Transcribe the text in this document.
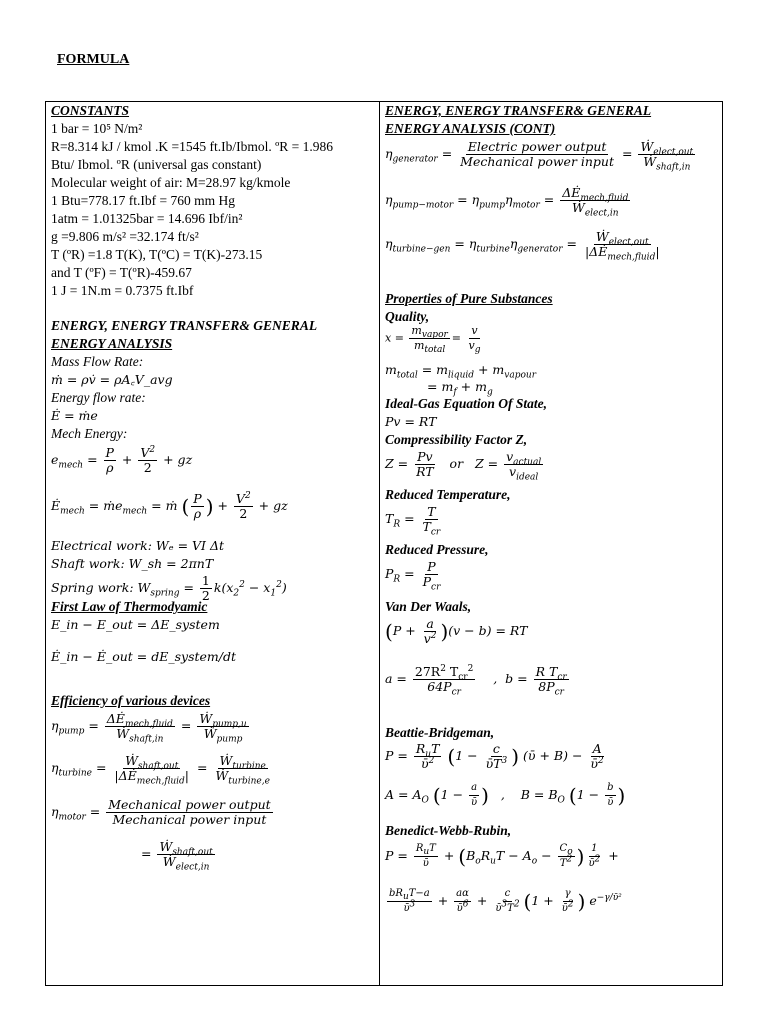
FORMULA
CONSTANTS
1 bar = 10⁵ N/m²
R=8.314 kJ / kmol .K =1545 ft.Ib/Ibmol. ºR = 1.986
Btu/ Ibmol. ºR (universal gas constant)
Molecular weight of air: M=28.97 kg/kmole
1 Btu=778.17 ft.Ibf = 760 mm Hg
1atm = 1.01325bar = 14.696 Ibf/in²
g =9.806 m/s² =32.174 ft/s²
T (ºR) =1.8 T(K), T(ºC) = T(K)-273.15
and T (ºF) = T(ºR)-459.67
1 J = 1N.m = 0.7375 ft.Ibf
ENERGY, ENERGY TRANSFER& GENERAL
ENERGY ANALYSIS
Mass Flow Rate:
ṁ = ρv̇ = ρA꜀V_avg
Energy flow rate:
Ė = ṁe
Mech Energy:
$e_{mech} = \frac{P}{\rho} + \frac{V^2}{2}$ + gz
$Ė_{mech}$ = ṁe$_{mech}$ = ṁ ( $\frac{P}{\rho}$ ) + $\frac{V^2}{2}$ + gz
Electrical work: Wₑ = VI Δt
Shaft work: W_sh = 2πnT
Spring work: $W_{spring} = \frac{1}{2} k(x_2^2 - x_1^2)$
First Law of Thermodyamic
E_in − E_out = ΔE_system
Ė_in − Ė_out = dE_system/dt
Efficiency of various devices
$\eta_{pump} = \frac{\Delta Ė_{mech,fluid}}{Ẇ_{shaft,in}} = \frac{Ẇ_{pump,u}}{Ẇ_{pump}}$
$\eta_{turbine} = \frac{Ẇ_{shaft,out}}{|\Delta Ė_{mech,fluid}|} = \frac{Ẇ_{turbine}}{Ẇ_{turbine,e}}$
$\eta_{motor} = \frac{\text{Mechanical power output}}{\text{Mechanical power input}}$
= $\frac{Ẇ_{shaft,out}}{Ẇ_{elect,in}}$
ENERGY, ENERGY TRANSFER& GENERAL
ENERGY ANALYSIS (CONT)
$\eta_{generator} = \frac{\text{Electric power output}}{\text{Mechanical power input}} = \frac{Ẇ_{elect,out}}{Ẇ_{shaft,in}}$
$\eta_{pump-motor} = \eta_{pump}\eta_{motor} = \frac{\Delta Ė_{mech,fluid}}{Ẇ_{elect,in}}$
$\eta_{turbine-gen} = \eta_{turbine}\eta_{generator} = \frac{Ẇ_{elect,out}}{|\Delta Ė_{mech,fluid}|}$
Properties of Pure Substances
Quality,
$x = \frac{m_{vapor}}{m_{total}} = \frac{v}{v_g}$
$m_{total} = m_{liquid} + m_{vapour}$
= $m_f + m_g$
Ideal-Gas Equation Of State,
Pv = RT
Compressibility Factor Z,
$Z = \frac{Pv}{RT}$ or   $Z = \frac{v_{actual}}{v_{ideal}}$
Reduced Temperature,
$T_R = \frac{T}{T_{cr}}$
Reduced Pressure,
$P_R = \frac{P}{P_{cr}}$
Van Der Waals,
$(P + \frac{a}{v^2} )(v - b)$ = RT
$a = \frac{27R^2 T_{cr}^2}{64P_{cr}}$ ,  $b = \frac{R T_{cr}}{8P_{cr}}$
Beattie-Bridgeman,
$P = \frac{R_uT}{ῡ^2} (1 - \frac{c}{ῡT^3}$ ) (ῡ + $B) - \frac{A}{ῡ^2}$
$A = A_O$ ($1 - \frac{a}{\text{ῡ}}$ )   ,    $B = B_O$ ($1 - \frac{b}{\text{ῡ}}$ )
Benedict-Webb-Rubin,
$P = \frac{R_uT}{\text{ῡ}} + (B_oR_uT - A_o - \frac{C_o}{T^2}$ ) $\frac{1}{ῡ^2}$ +
$\frac{bR_uT-a}{ῡ^3} + \frac{a\alpha}{ῡ^6} + \frac{c}{ῡ^3T^2} (1 + \frac{\gamma}{ῡ^2}$ ) $e^{-\gamma/ῡ^2}$
